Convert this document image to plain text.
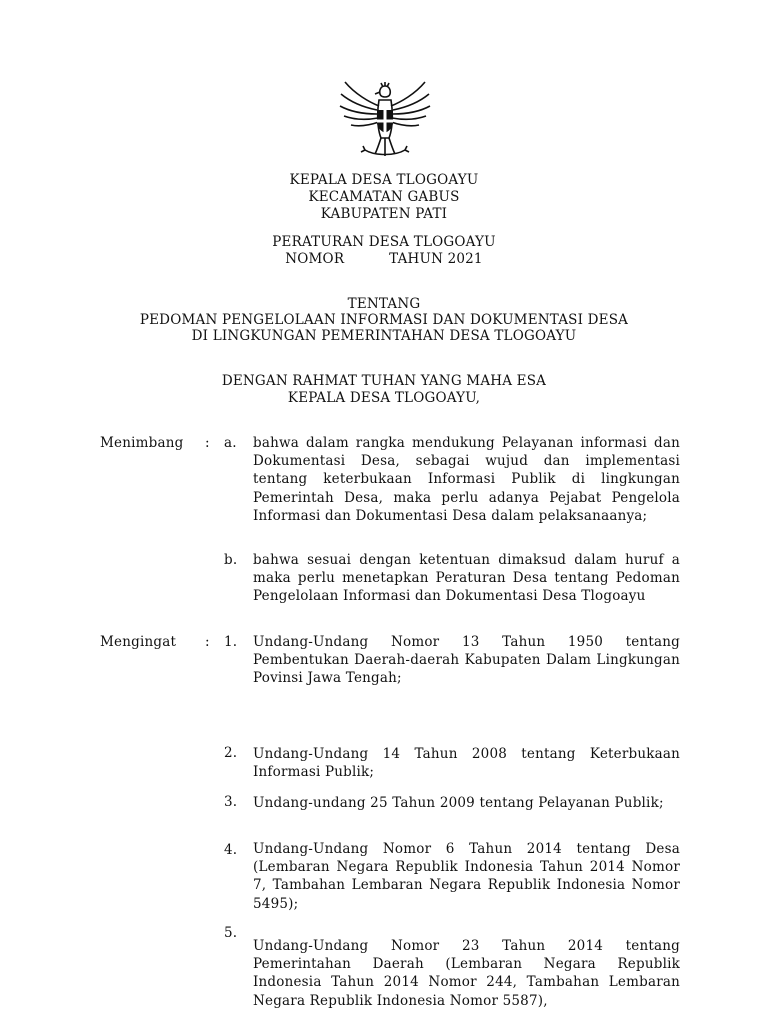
KEPALA DESA TLOGOAYU
KECAMATAN GABUS
KABUPATEN PATI
PERATURAN DESA TLOGOAYU
NOMOR          TAHUN 2021
TENTANG
PEDOMAN PENGELOLAAN INFORMASI DAN DOKUMENTASI DESA
DI LINGKUNGAN PEMERINTAHAN DESA TLOGOAYU
DENGAN RAHMAT TUHAN YANG MAHA ESA
KEPALA DESA TLOGOAYU,
Menimbang : a. bahwa dalam rangka mendukung Pelayanan informasi dan Dokumentasi Desa, sebagai wujud dan implementasi tentang keterbukaan Informasi Publik di lingkungan Pemerintah Desa, maka perlu adanya Pejabat Pengelola Informasi dan Dokumentasi Desa dalam pelaksanaanya;
b. bahwa sesuai dengan ketentuan dimaksud dalam huruf a maka perlu menetapkan Peraturan Desa tentang Pedoman Pengelolaan Informasi dan Dokumentasi Desa Tlogoayu
Mengingat : 1. Undang-Undang Nomor 13 Tahun 1950 tentang Pembentukan Daerah-daerah Kabupaten Dalam Lingkungan Povinsi Jawa Tengah;
2. Undang-Undang 14 Tahun 2008 tentang Keterbukaan Informasi Publik;
3. Undang-undang 25 Tahun 2009 tentang Pelayanan Publik;
4. Undang-Undang Nomor 6 Tahun 2014 tentang Desa (Lembaran Negara Republik Indonesia Tahun 2014 Nomor 7, Tambahan Lembaran Negara Republik Indonesia Nomor 5495);
5.
Undang-Undang Nomor 23 Tahun 2014 tentang Pemerintahan Daerah (Lembaran Negara Republik Indonesia Tahun 2014 Nomor 244, Tambahan Lembaran Negara Republik Indonesia Nomor 5587),
